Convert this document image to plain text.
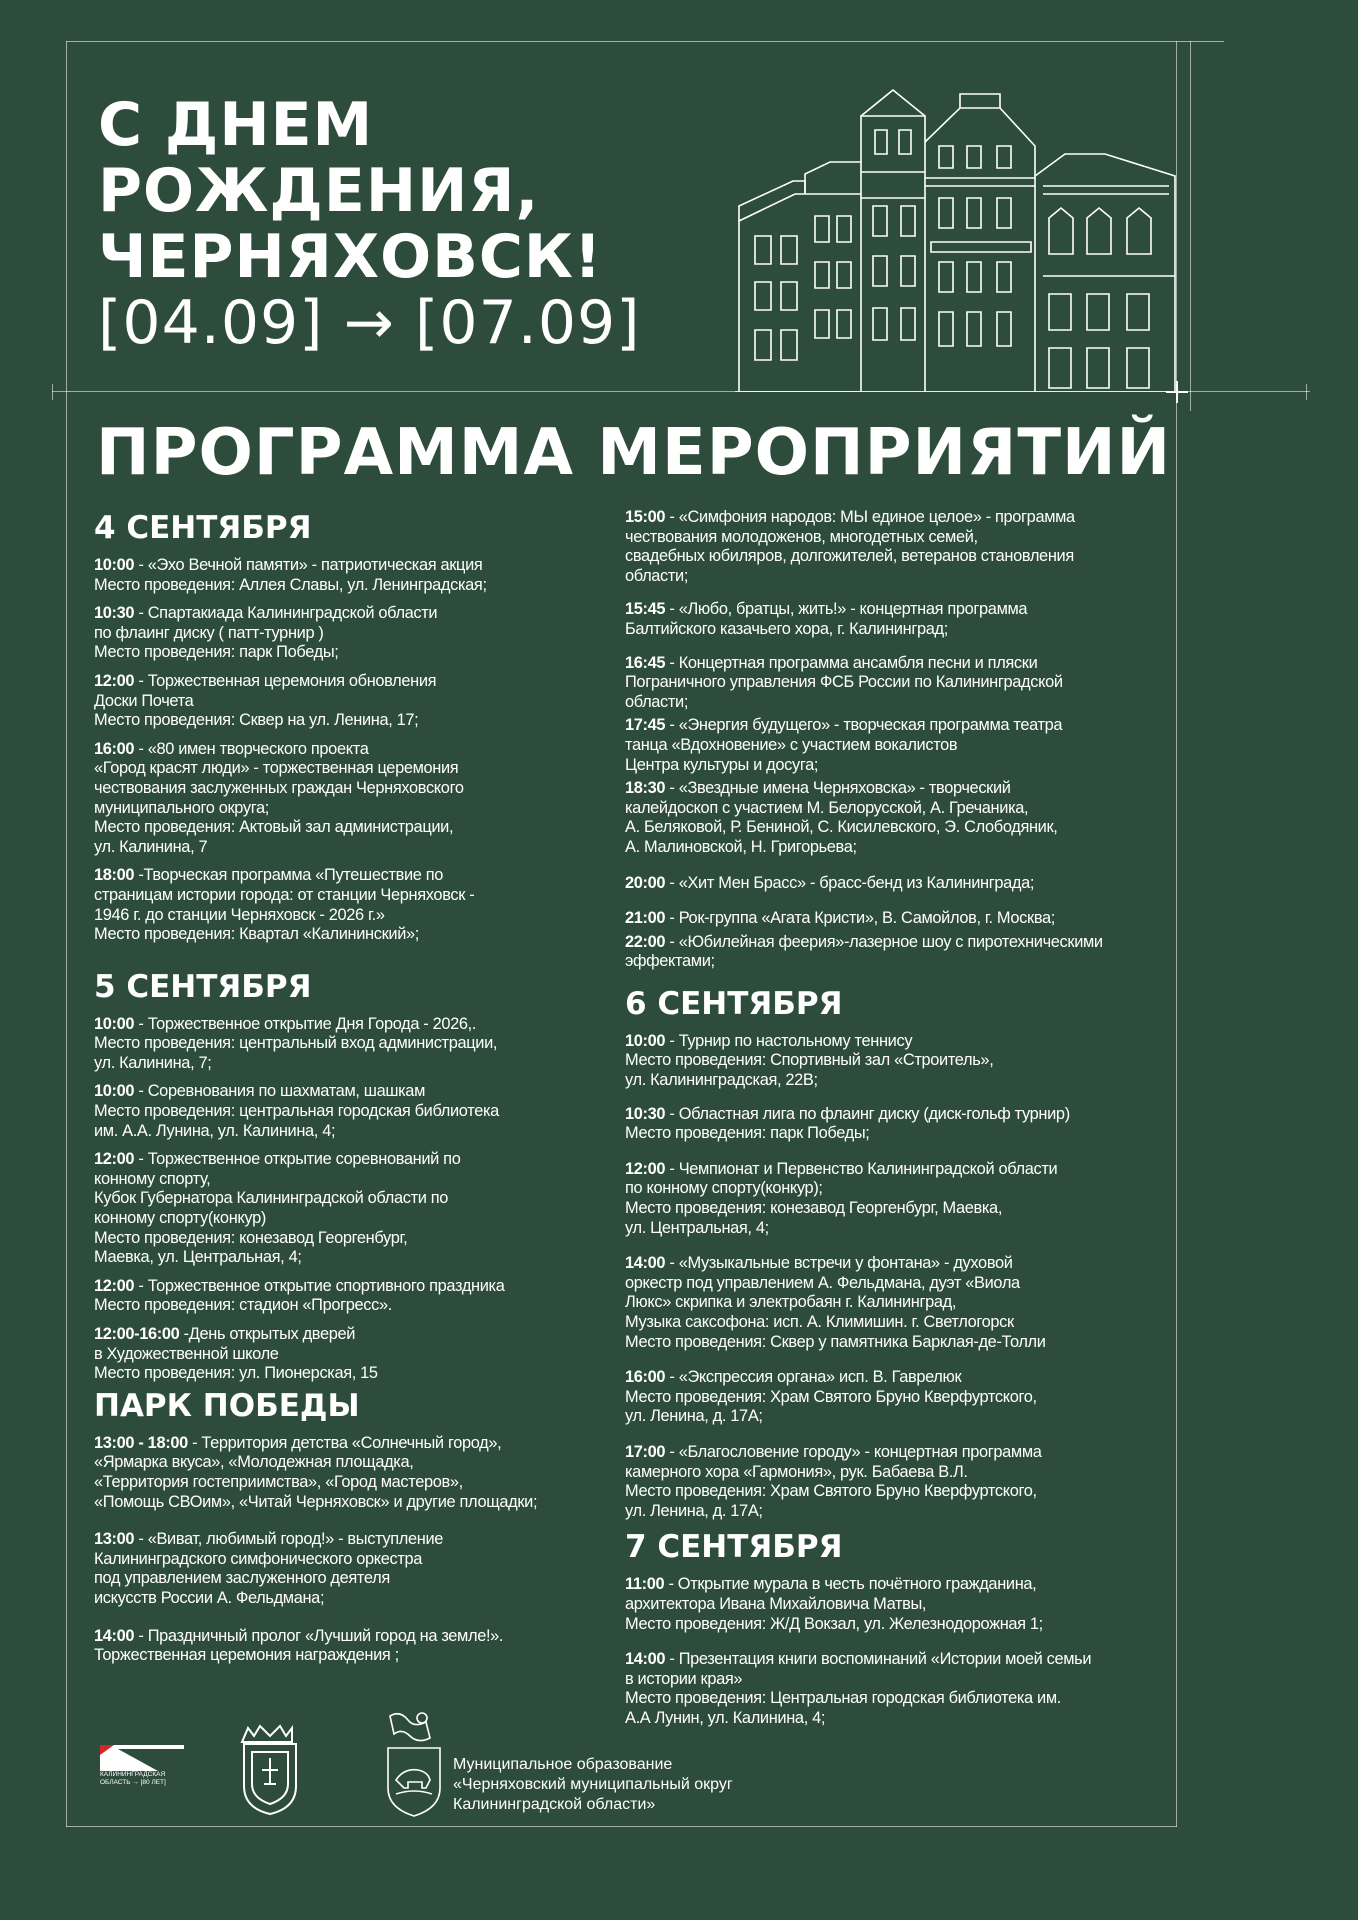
С ДНЕМ
РОЖДЕНИЯ,
ЧЕРНЯХОВСК!
[04.09] → [07.09]
ПРОГРАММА МЕРОПРИЯТИЙ
4 СЕНТЯБРЯ
10:00 - «Эхо Вечной памяти» - патриотическая акция
Место проведения: Аллея Славы, ул. Ленинградская;
10:30 - Спартакиада Калининградской области
по флаинг диску ( патт-турнир )
Место проведения: парк Победы;
12:00 - Торжественная церемония обновления
Доски Почета
Место проведения: Сквер на ул. Ленина, 17;
16:00 - «80 имен творческого проекта
«Город красят люди» - торжественная церемония
чествования заслуженных граждан Черняховского
муниципального округа;
Место проведения: Актовый зал администрации,
ул. Калинина, 7
18:00 -Творческая программа «Путешествие по
страницам истории города: от станции Черняховск -
1946 г. до станции Черняховск - 2026 г.»
Место проведения: Квартал «Калининский»;
5 СЕНТЯБРЯ
10:00 - Торжественное открытие Дня Города - 2026,.
Место проведения: центральный вход администрации,
ул. Калинина, 7;
10:00 - Соревнования по шахматам, шашкам
Место проведения: центральная городская библиотека
им. А.А. Лунина, ул. Калинина, 4;
12:00 - Торжественное открытие соревнований по
конному спорту,
Кубок Губернатора Калининградской области по
конному спорту(конкур)
Место проведения: конезавод Георгенбург,
Маевка, ул. Центральная, 4;
12:00 - Торжественное открытие спортивного праздника
Место проведения: стадион «Прогресс».
12:00-16:00 -День открытых дверей
в Художественной школе
Место проведения: ул. Пионерская, 15
ПАРК ПОБЕДЫ
13:00 - 18:00 - Территория детства «Солнечный город»,
«Ярмарка вкуса», «Молодежная площадка,
«Территория гостеприимства», «Город мастеров»,
«Помощь СВОим», «Читай Черняховск» и другие площадки;
13:00 - «Виват, любимый город!» - выступление
Калининградского симфонического оркестра
под управлением заслуженного деятеля
искусств России А. Фельдмана;
14:00 - Праздничный пролог «Лучший город на земле!».
Торжественная церемония награждения ;
15:00 - «Симфония народов: МЫ единое целое» - программа
чествования молодоженов, многодетных семей,
свадебных юбиляров, долгожителей, ветеранов становления
области;
15:45 - «Любо, братцы, жить!» - концертная программа
Балтийского казачьего хора, г. Калининград;
16:45 - Концертная программа ансамбля песни и пляски
Пограничного управления ФСБ России по Калининградской
области;
17:45 - «Энергия будущего» - творческая программа театра
танца «Вдохновение» с участием вокалистов
Центра культуры и досуга;
18:30 - «Звездные имена Черняховска» - творческий
калейдоскоп с участием М. Белорусской, А. Гречаника,
А. Беляковой, Р. Бениной, С. Кисилевского, Э. Слободяник,
А. Малиновской, Н. Григорьева;
20:00 - «Хит Мен Брасс» - брасс-бенд из Калининграда;
21:00 - Рок-группа «Агата Кристи», В. Самойлов, г. Москва;
22:00 - «Юбилейная феерия»-лазерное шоу с пиротехническими
эффектами;
6 СЕНТЯБРЯ
10:00 - Турнир по настольному теннису
Место проведения: Спортивный зал «Строитель»,
ул. Калининградская, 22В;
10:30 - Областная лига по флаинг диску (диск-гольф турнир)
Место проведения: парк Победы;
12:00 - Чемпионат и Первенство Калининградской области
по конному спорту(конкур);
Место проведения: конезавод Георгенбург, Маевка,
ул. Центральная, 4;
14:00 - «Музыкальные встречи у фонтана» - духовой
оркестр под управлением А. Фельдмана, дуэт «Виола
Люкс» скрипка и электробаян г. Калининград,
Музыка саксофона: исп. А. Климишин. г. Светлогорск
Место проведения: Сквер у памятника Барклая-де-Толли
16:00 - «Экспрессия органа» исп. В. Гаврелюк
Место проведения: Храм Святого Бруно Кверфуртского,
ул. Ленина, д. 17А;
17:00 - «Благословение городу» - концертная программа
камерного хора «Гармония», рук. Бабаева В.Л.
Место проведения: Храм Святого Бруно Кверфуртского,
ул. Ленина, д. 17А;
7 СЕНТЯБРЯ
11:00 - Открытие мурала в честь почётного гражданина,
архитектора Ивана Михайловича Матвы,
Место проведения: Ж/Д Вокзал, ул. Железнодорожная 1;
14:00 - Презентация книги воспоминаний «Истории моей семьи
в истории края»
Место проведения: Центральная городская библиотека им.
А.А Лунин, ул. Калинина, 4;
КАЛИНИНГРАДСКАЯ
ОБЛАСТЬ → [80 ЛЕТ]
Муниципальное образование
«Черняховский муниципальный округ
Калининградской области»
